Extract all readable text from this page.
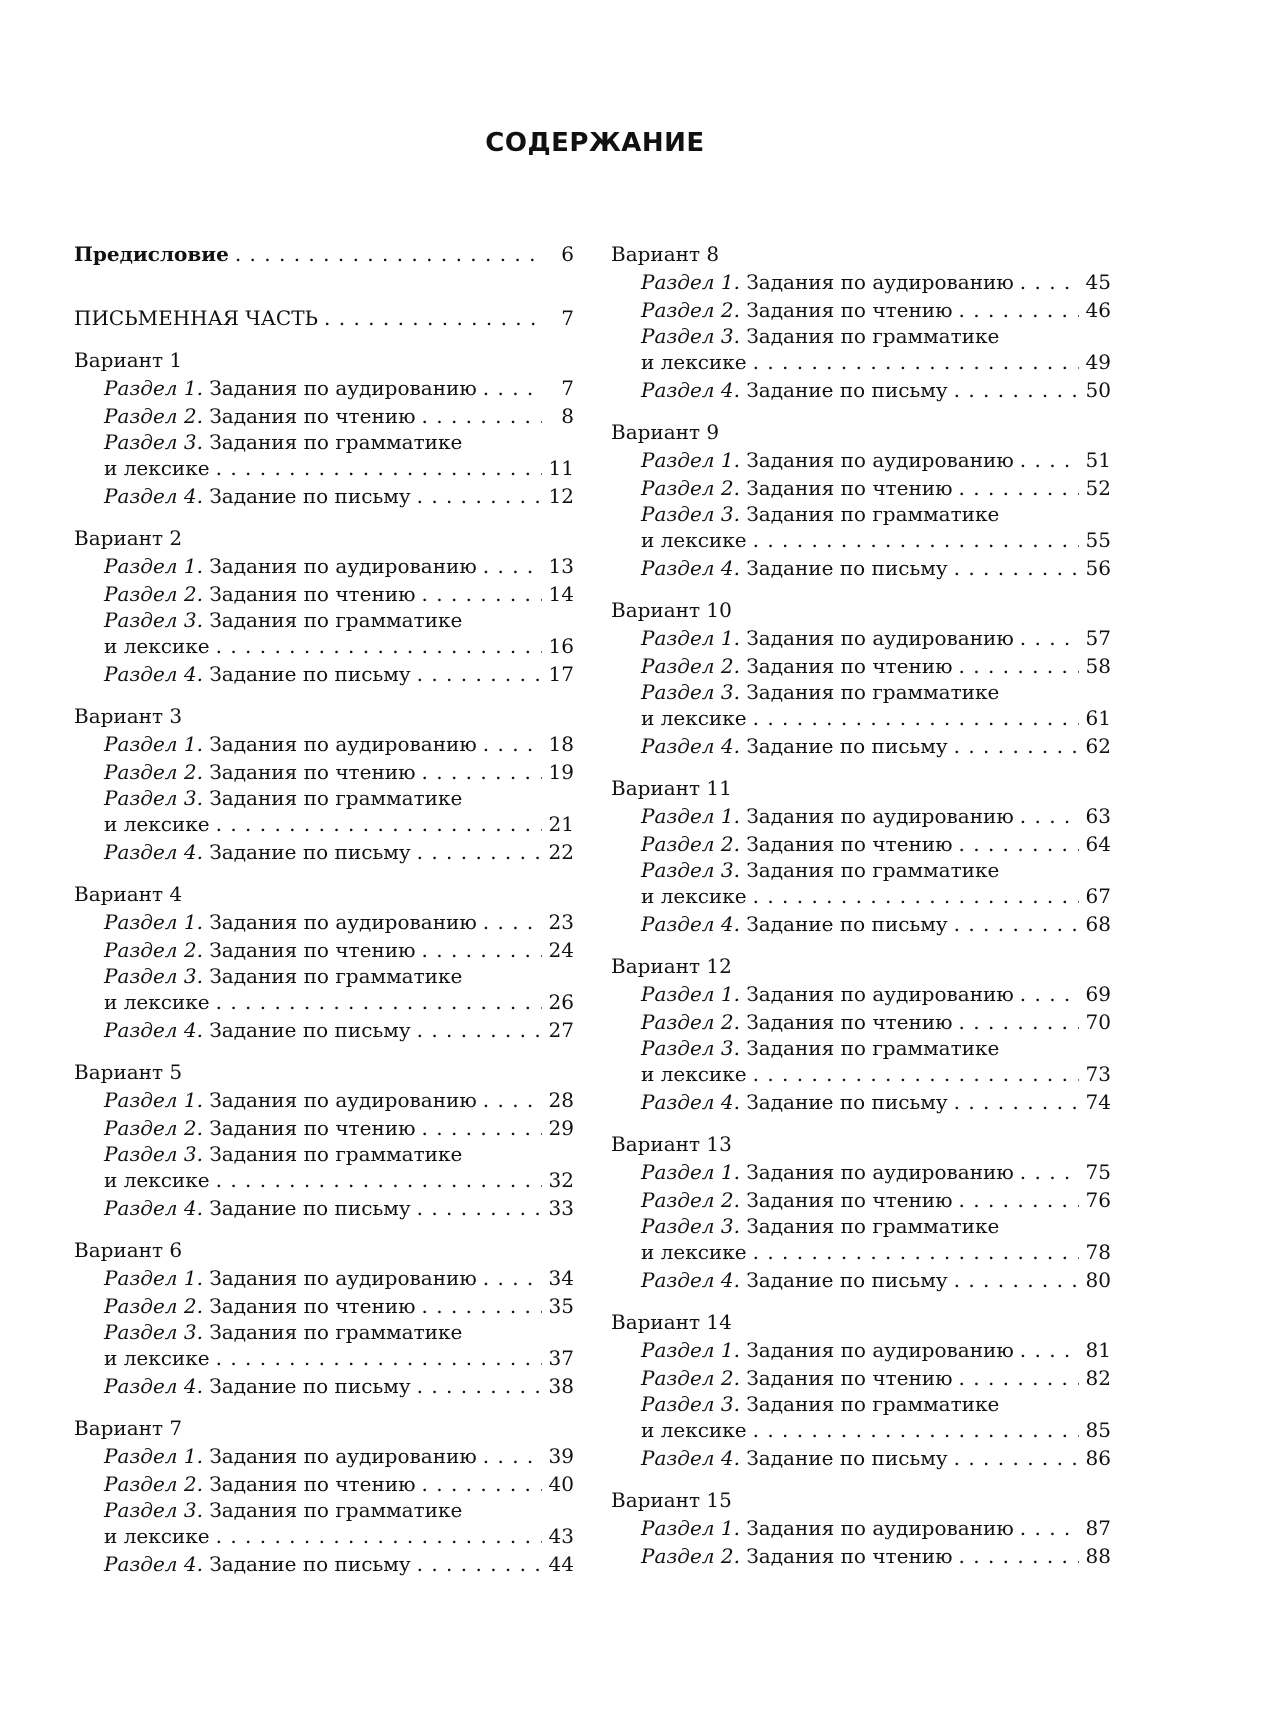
СОДЕРЖАНИЕ
Предисловие . . .	6
ПИСЬМЕННАЯ ЧАСТЬ . . .	7
Вариант 1
Раздел 1. Задания по аудированию . . .	7
Раздел 2. Задания по чтению . . .	8
Раздел 3. Задания по грамматике
и лексике . . .	11
Раздел 4. Задание по письму . . .	12
Вариант 2
Раздел 1. Задания по аудированию . . .	13
Раздел 2. Задания по чтению . . .	14
Раздел 3. Задания по грамматике
и лексике . . .	16
Раздел 4. Задание по письму . . .	17
Вариант 3
Раздел 1. Задания по аудированию . . .	18
Раздел 2. Задания по чтению . . .	19
Раздел 3. Задания по грамматике
и лексике . . .	21
Раздел 4. Задание по письму . . .	22
Вариант 4
Раздел 1. Задания по аудированию . . .	23
Раздел 2. Задания по чтению . . .	24
Раздел 3. Задания по грамматике
и лексике . . .	26
Раздел 4. Задание по письму . . .	27
Вариант 5
Раздел 1. Задания по аудированию . . .	28
Раздел 2. Задания по чтению . . .	29
Раздел 3. Задания по грамматике
и лексике . . .	32
Раздел 4. Задание по письму . . .	33
Вариант 6
Раздел 1. Задания по аудированию . . .	34
Раздел 2. Задания по чтению . . .	35
Раздел 3. Задания по грамматике
и лексике . . .	37
Раздел 4. Задание по письму . . .	38
Вариант 7
Раздел 1. Задания по аудированию . . .	39
Раздел 2. Задания по чтению . . .	40
Раздел 3. Задания по грамматике
и лексике . . .	43
Раздел 4. Задание по письму . . .	44
Вариант 8
Раздел 1. Задания по аудированию . . .	45
Раздел 2. Задания по чтению . . .	46
Раздел 3. Задания по грамматике
и лексике . . .	49
Раздел 4. Задание по письму . . .	50
Вариант 9
Раздел 1. Задания по аудированию . . .	51
Раздел 2. Задания по чтению . . .	52
Раздел 3. Задания по грамматике
и лексике . . .	55
Раздел 4. Задание по письму . . .	56
Вариант 10
Раздел 1. Задания по аудированию . . .	57
Раздел 2. Задания по чтению . . .	58
Раздел 3. Задания по грамматике
и лексике . . .	61
Раздел 4. Задание по письму . . .	62
Вариант 11
Раздел 1. Задания по аудированию . . .	63
Раздел 2. Задания по чтению . . .	64
Раздел 3. Задания по грамматике
и лексике . . .	67
Раздел 4. Задание по письму . . .	68
Вариант 12
Раздел 1. Задания по аудированию . . .	69
Раздел 2. Задания по чтению . . .	70
Раздел 3. Задания по грамматике
и лексике . . .	73
Раздел 4. Задание по письму . . .	74
Вариант 13
Раздел 1. Задания по аудированию . . .	75
Раздел 2. Задания по чтению . . .	76
Раздел 3. Задания по грамматике
и лексике . . .	78
Раздел 4. Задание по письму . . .	80
Вариант 14
Раздел 1. Задания по аудированию . . .	81
Раздел 2. Задания по чтению . . .	82
Раздел 3. Задания по грамматике
и лексике . . .	85
Раздел 4. Задание по письму . . .	86
Вариант 15
Раздел 1. Задания по аудированию . . .	87
Раздел 2. Задания по чтению . . .	88
